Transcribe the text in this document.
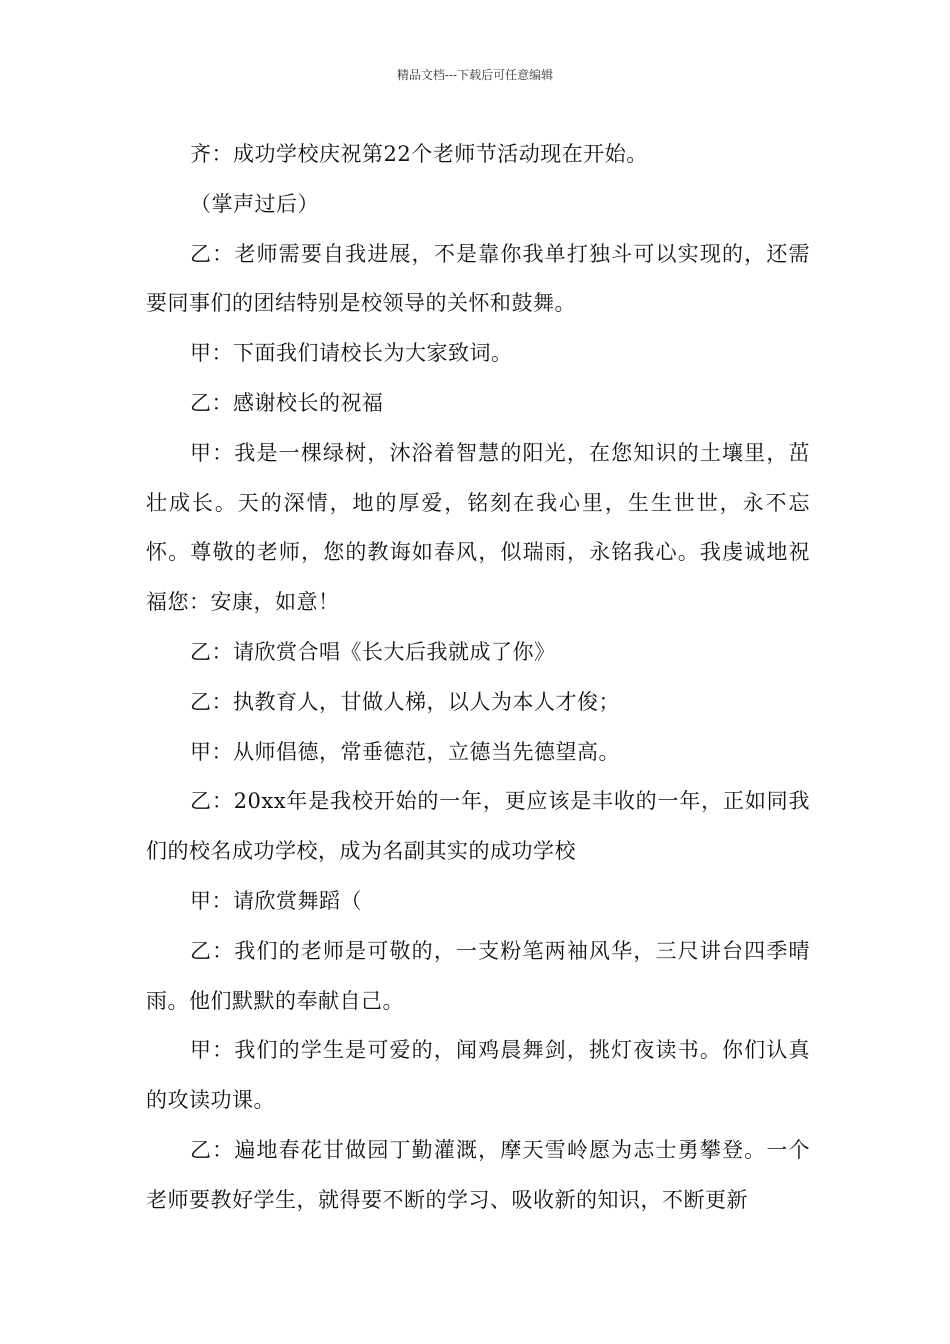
精品文档---下载后可任意编辑

齐：成功学校庆祝第22个老师节活动现在开始。

（掌声过后）

乙：老师需要自我进展，不是靠你我单打独斗可以实现的，还需要同事们的团结特别是校领导的关怀和鼓舞。

甲：下面我们请校长为大家致词。

乙：感谢校长的祝福

甲：我是一棵绿树，沐浴着智慧的阳光，在您知识的土壤里，茁壮成长。天的深情，地的厚爱，铭刻在我心里，生生世世，永不忘怀。尊敬的老师，您的教诲如春风，似瑞雨，永铭我心。我虔诚地祝福您：安康，如意！

乙：请欣赏合唱《长大后我就成了你》

乙：执教育人，甘做人梯，以人为本人才俊；

甲：从师倡德，常垂德范，立德当先德望高。

乙：20xx年是我校开始的一年，更应该是丰收的一年，正如同我们的校名成功学校，成为名副其实的成功学校

甲：请欣赏舞蹈（

乙：我们的老师是可敬的，一支粉笔两袖风华，三尺讲台四季晴雨。他们默默的奉献自己。

甲：我们的学生是可爱的，闻鸡晨舞剑，挑灯夜读书。你们认真的攻读功课。

乙：遍地春花甘做园丁勤灌溉，摩天雪岭愿为志士勇攀登。一个老师要教好学生，就得要不断的学习、吸收新的知识，不断更新
